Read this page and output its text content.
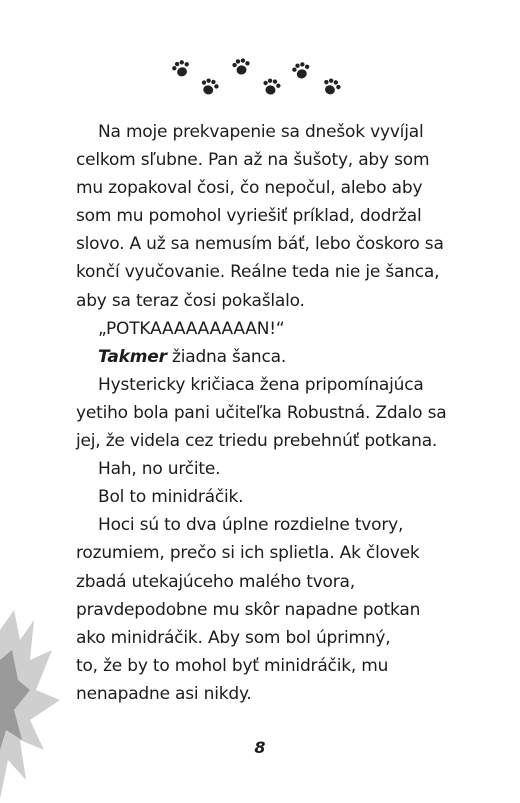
Na moje prekvapenie sa dnešok vyvíjal

celkom sľubne. Pan až na šušoty, aby som

mu zopakoval čosi, čo nepočul, alebo aby

som mu pomohol vyriešiť príklad, dodržal

slovo. A už sa nemusím báť, lebo čoskoro sa

končí vyučovanie. Reálne teda nie je šanca,

aby sa teraz čosi pokašlalo.

„POTKAAAAAAAAAN!“

Takmer žiadna šanca.

Hystericky kričiaca žena pripomínajúca

yetiho bola pani učiteľka Robustná. Zdalo sa

jej, že videla cez triedu prebehnúť potkana.

Hah, no určite.

Bol to minidráčik.

Hoci sú to dva úplne rozdielne tvory,

rozumiem, prečo si ich splietla. Ak človek

zbadá utekajúceho malého tvora,

pravdepodobne mu skôr napadne potkan

ako minidráčik. Aby som bol úprimný,

to, že by to mohol byť minidráčik, mu

nenapadne asi nikdy.

8
